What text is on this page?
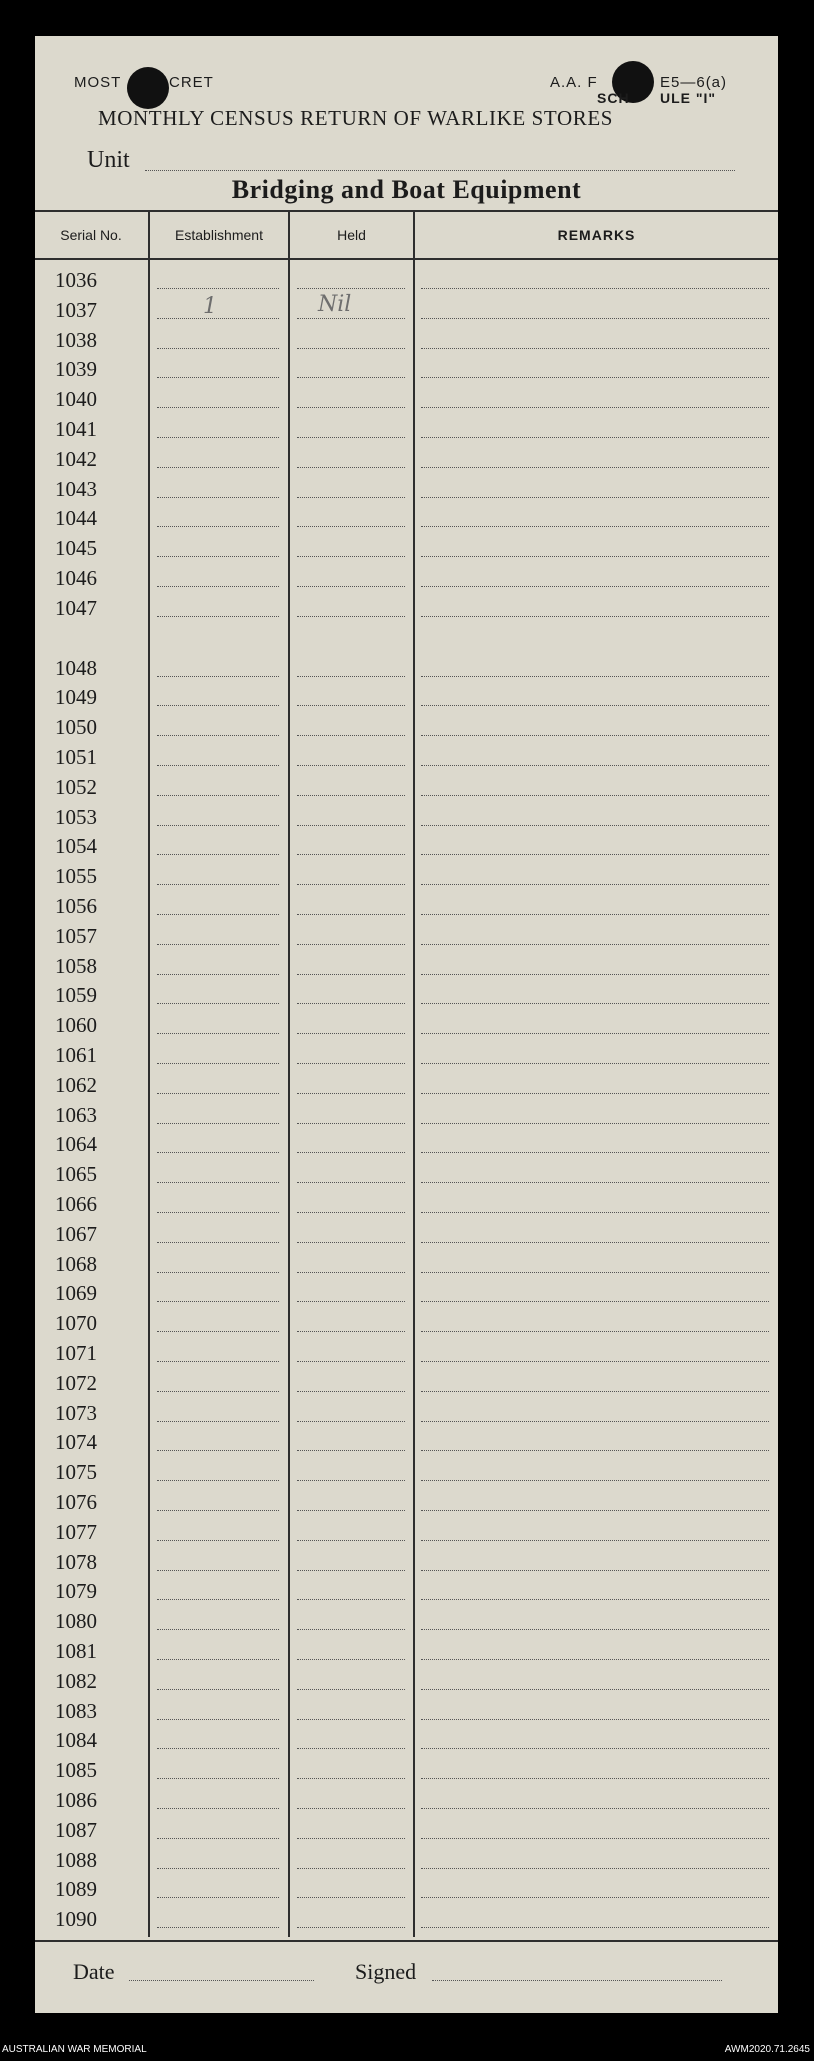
MOST	CRET	A.A. F	E5—6(a)
SCH ULE "I"
MONTHLY CENSUS RETURN OF WARLIKE STORES
Unit
Bridging and Boat Equipment
Serial No.	Establishment	Held	REMARKS
1036
1037	1	Nil
1038
1039
1040
1041
1042
1043
1044
1045
1046
1047
1048
1049
1050
1051
1052
1053
1054
1055
1056
1057
1058
1059
1060
1061
1062
1063
1064
1065
1066
1067
1068
1069
1070
1071
1072
1073
1074
1075
1076
1077
1078
1079
1080
1081
1082
1083
1084
1085
1086
1087
1088
1089
1090
Date	Signed
AUSTRALIAN WAR MEMORIAL	AWM2020.71.2645
